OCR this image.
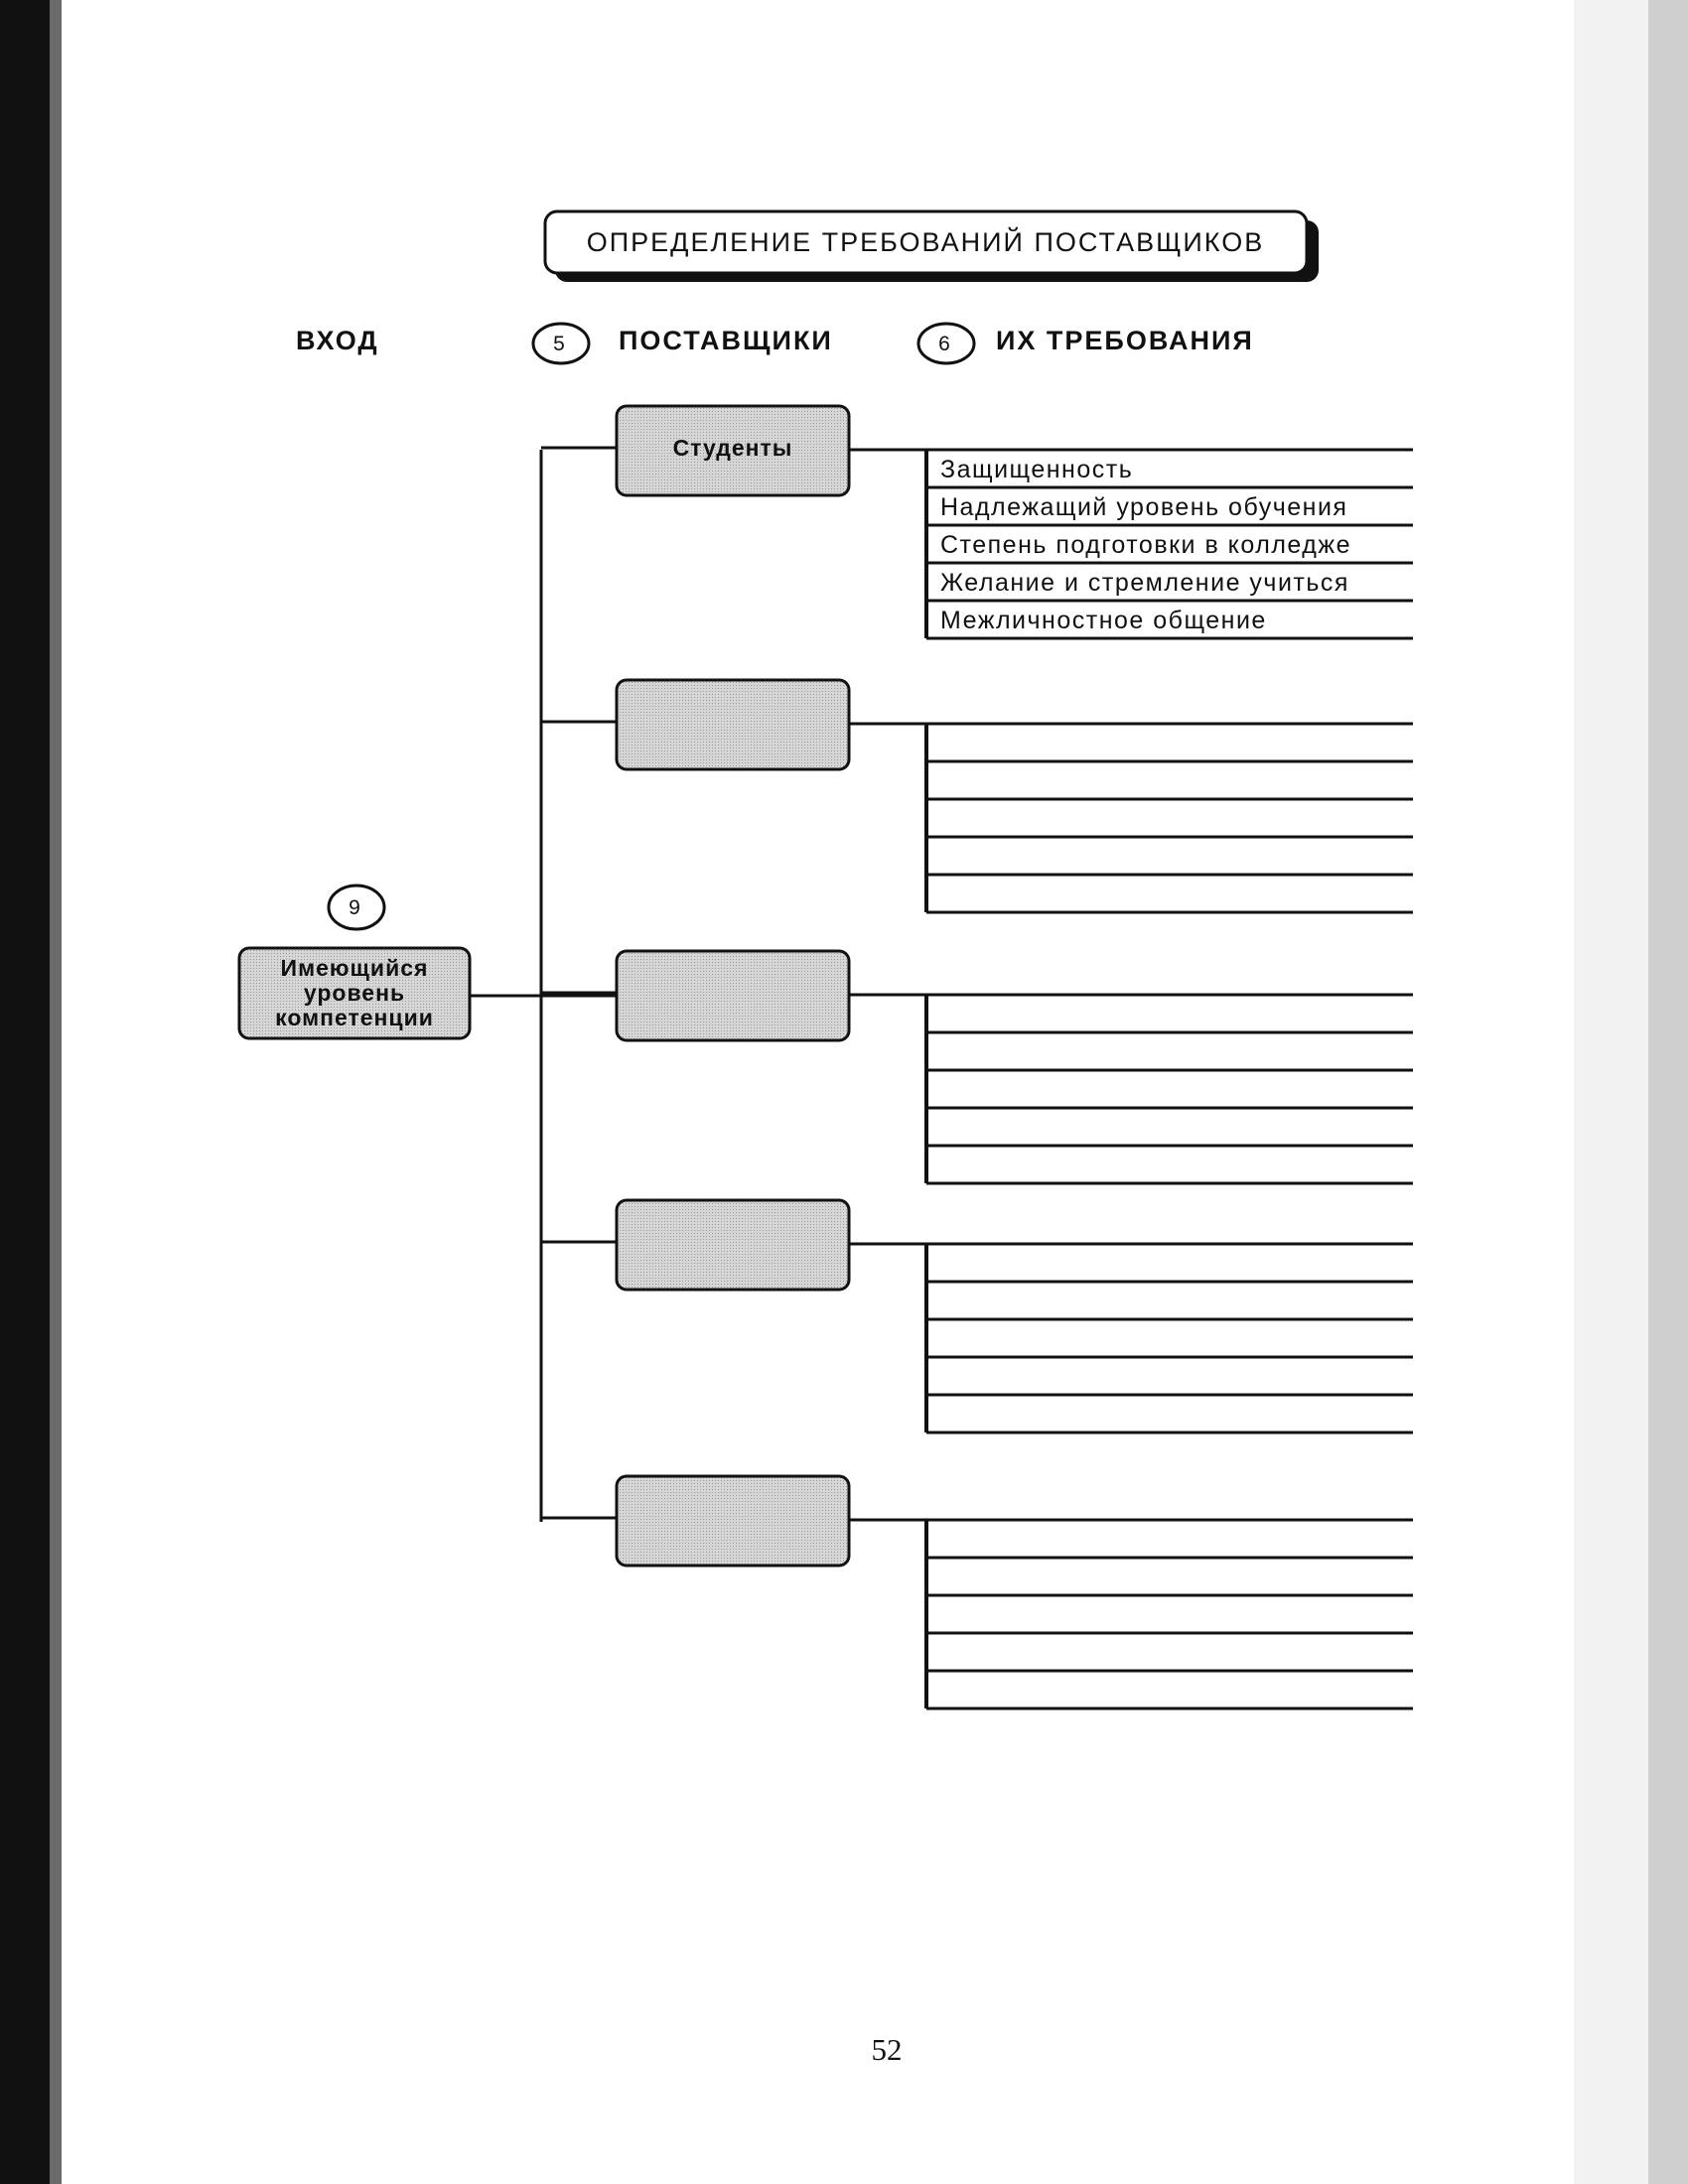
ОПРЕДЕЛЕНИЕ ТРЕБОВАНИЙ ПОСТАВЩИКОВ
ВХОД	5 ПОСТАВЩИКИ	6 ИХ ТРЕБОВАНИЯ
9
Имеющийся
уровень
компетенции
Студенты
Защищенность
Надлежащий уровень обучения
Степень подготовки в колледже
Желание и стремление учиться
Межличностное общение
52
